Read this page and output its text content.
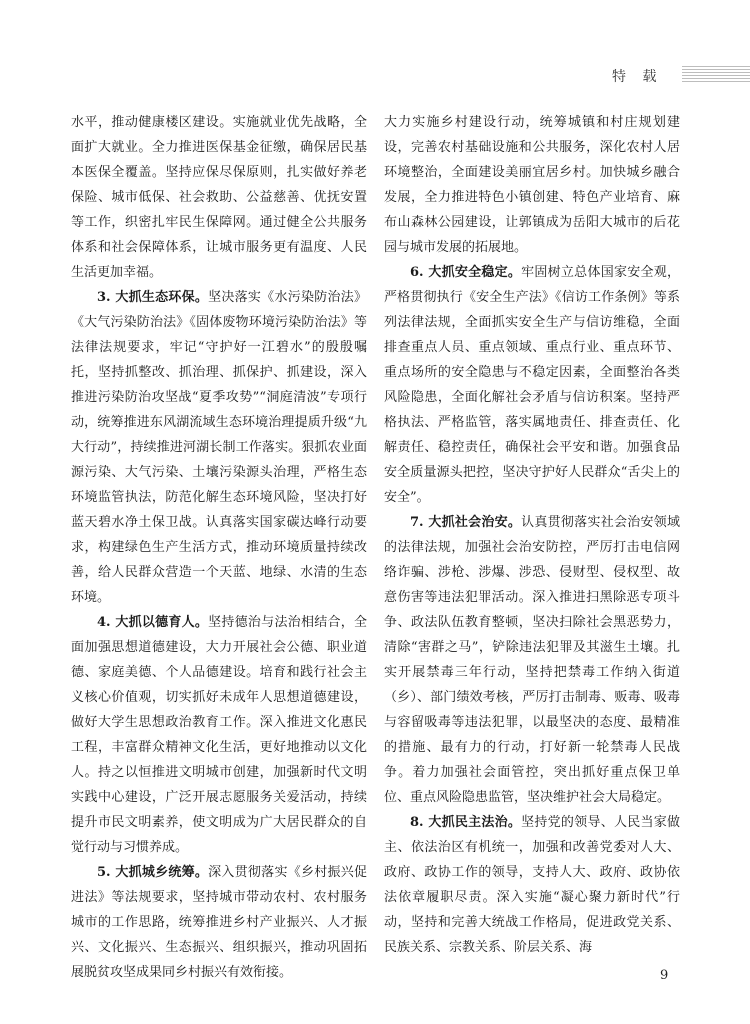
特 载

水平，推动健康楼区建设。实施就业优先战略，全面扩大就业。全力推进医保基金征缴，确保居民基本医保全覆盖。坚持应保尽保原则，扎实做好养老保险、城市低保、社会救助、公益慈善、优抚安置等工作，织密扎牢民生保障网。通过健全公共服务体系和社会保障体系，让城市服务更有温度、人民生活更加幸福。

3. 大抓生态环保。坚决落实《水污染防治法》《大气污染防治法》《固体废物环境污染防治法》等法律法规要求，牢记“守护好一江碧水”的殷殷嘱托，坚持抓整改、抓治理、抓保护、抓建设，深入推进污染防治攻坚战“夏季攻势”“洞庭清波”专项行动，统筹推进东风湖流域生态环境治理提质升级“九大行动”，持续推进河湖长制工作落实。狠抓农业面源污染、大气污染、土壤污染源头治理，严格生态环境监管执法，防范化解生态环境风险，坚决打好蓝天碧水净土保卫战。认真落实国家碳达峰行动要求，构建绿色生产生活方式，推动环境质量持续改善，给人民群众营造一个天蓝、地绿、水清的生态环境。

4. 大抓以德育人。坚持德治与法治相结合，全面加强思想道德建设，大力开展社会公德、职业道德、家庭美德、个人品德建设。培育和践行社会主义核心价值观，切实抓好未成年人思想道德建设，做好大学生思想政治教育工作。深入推进文化惠民工程，丰富群众精神文化生活，更好地推动以文化人。持之以恒推进文明城市创建，加强新时代文明实践中心建设，广泛开展志愿服务关爱活动，持续提升市民文明素养，使文明成为广大居民群众的自觉行动与习惯养成。

5. 大抓城乡统筹。深入贯彻落实《乡村振兴促进法》等法规要求，坚持城市带动农村、农村服务城市的工作思路，统筹推进乡村产业振兴、人才振兴、文化振兴、生态振兴、组织振兴，推动巩固拓展脱贫攻坚成果同乡村振兴有效衔接。

大力实施乡村建设行动，统筹城镇和村庄规划建设，完善农村基础设施和公共服务，深化农村人居环境整治，全面建设美丽宜居乡村。加快城乡融合发展，全力推进特色小镇创建、特色产业培育、麻布山森林公园建设，让郭镇成为岳阳大城市的后花园与城市发展的拓展地。

6. 大抓安全稳定。牢固树立总体国家安全观，严格贯彻执行《安全生产法》《信访工作条例》等系列法律法规，全面抓实安全生产与信访维稳，全面排查重点人员、重点领域、重点行业、重点环节、重点场所的安全隐患与不稳定因素，全面整治各类风险隐患，全面化解社会矛盾与信访积案。坚持严格执法、严格监管，落实属地责任、排查责任、化解责任、稳控责任，确保社会平安和谐。加强食品安全质量源头把控，坚决守护好人民群众“舌尖上的安全”。

7. 大抓社会治安。认真贯彻落实社会治安领域的法律法规，加强社会治安防控，严厉打击电信网络诈骗、涉枪、涉爆、涉恐、侵财型、侵权型、故意伤害等违法犯罪活动。深入推进扫黑除恶专项斗争、政法队伍教育整顿，坚决扫除社会黑恶势力，清除“害群之马”，铲除违法犯罪及其滋生土壤。扎实开展禁毒三年行动，坚持把禁毒工作纳入街道（乡）、部门绩效考核，严厉打击制毒、贩毒、吸毒与容留吸毒等违法犯罪，以最坚决的态度、最精准的措施、最有力的行动，打好新一轮禁毒人民战争。着力加强社会面管控，突出抓好重点保卫单位、重点风险隐患监管，坚决维护社会大局稳定。

8. 大抓民主法治。坚持党的领导、人民当家做主、依法治区有机统一，加强和改善党委对人大、政府、政协工作的领导，支持人大、政府、政协依法依章履职尽责。深入实施“凝心聚力新时代”行动，坚持和完善大统战工作格局，促进政党关系、民族关系、宗教关系、阶层关系、海

9
